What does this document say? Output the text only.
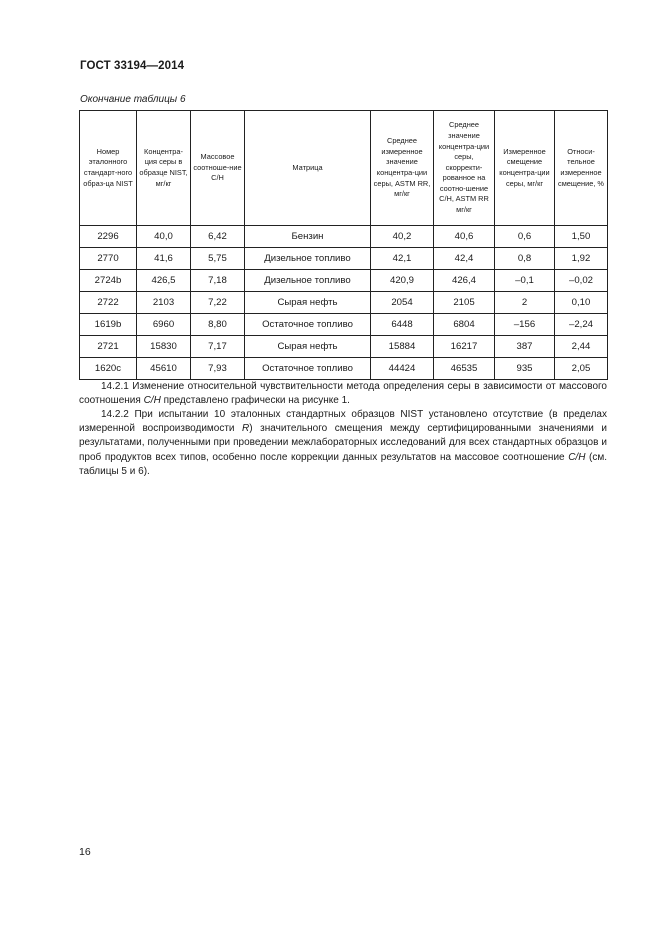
ГОСТ 33194—2014
Окончание таблицы 6
Номер эталонного стандарт-ного образ-ца NIST	Концентра-ция серы в образце NIST, мг/кг	Массовое соотноше-ние C/H	Матрица	Среднее измеренное значение концентра-ции серы, ASTM RR, мг/кг	Среднее значение концентра-ции серы, скорректи-рованное на соотно-шение C/H, ASTM RR мг/кг	Измеренное смещение концентра-ции серы, мг/кг	Относи-тельное измеренное смещение, %
2296	40,0	6,42	Бензин	40,2	40,6	0,6	1,50
2770	41,6	5,75	Дизельное топливо	42,1	42,4	0,8	1,92
2724b	426,5	7,18	Дизельное топливо	420,9	426,4	–0,1	–0,02
2722	2103	7,22	Сырая нефть	2054	2105	2	0,10
1619b	6960	8,80	Остаточное топливо	6448	6804	–156	–2,24
2721	15830	7,17	Сырая нефть	15884	16217	387	2,44
1620c	45610	7,93	Остаточное топливо	44424	46535	935	2,05

14.2.1 Изменение относительной чувствительности метода определения серы в зависимости от массового соотношения C/H представлено графически на рисунке 1.

14.2.2 При испытании 10 эталонных стандартных образцов NIST установлено отсутствие (в пределах измеренной воспроизводимости R) значительного смещения между сертифицированными значениями и результатами, полученными при проведении межлабораторных исследований для всех стандартных образцов и проб продуктов всех типов, особенно после коррекции данных результатов на массовое соотношение C/H (см. таблицы 5 и 6).

16
